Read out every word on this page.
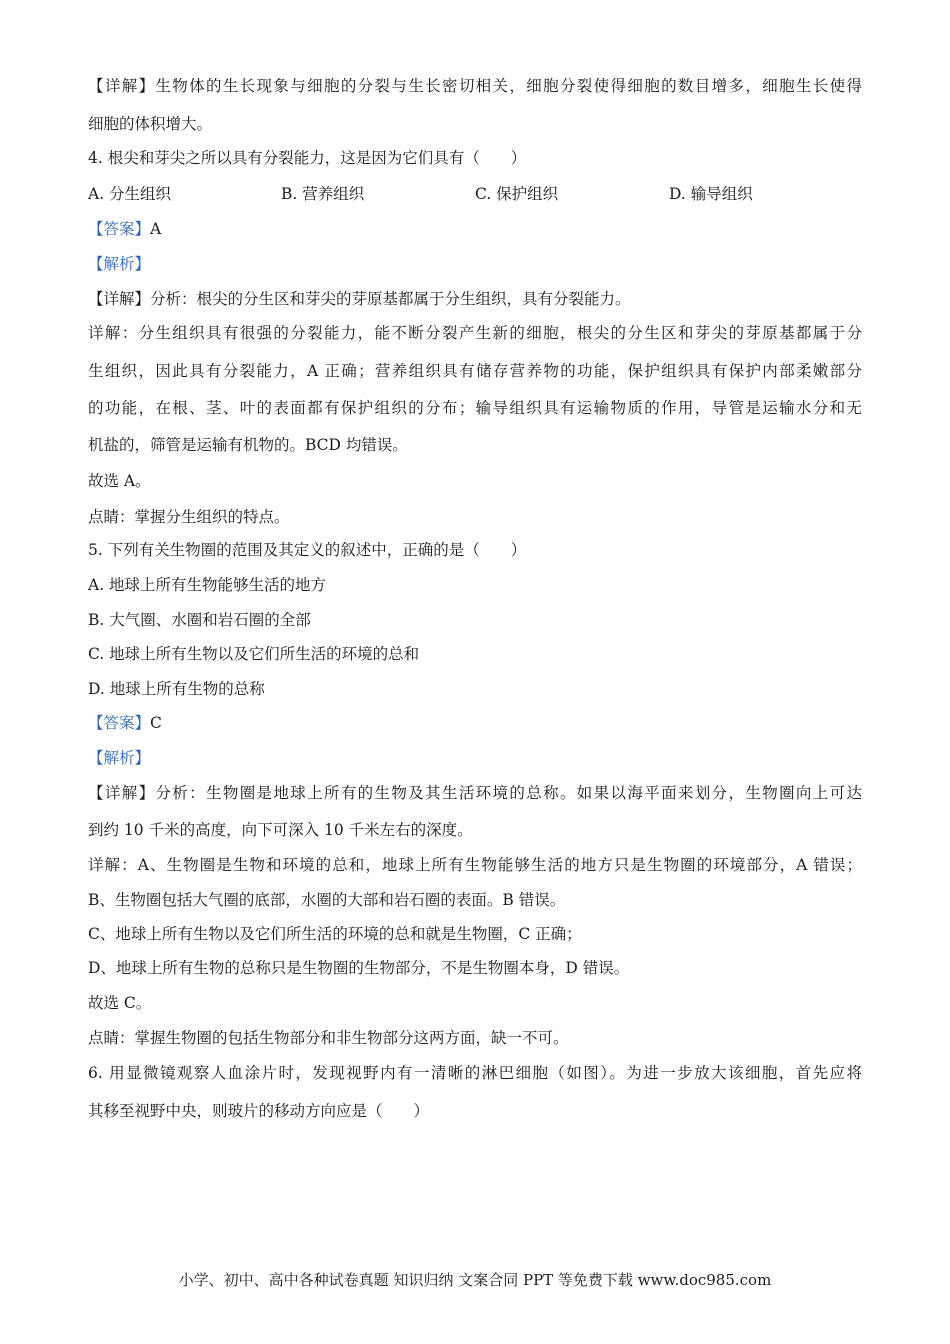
【详解】生物体的生长现象与细胞的分裂与生长密切相关，细胞分裂使得细胞的数目增多，细胞生长使得
细胞的体积增大。
4. 根尖和芽尖之所以具有分裂能力，这是因为它们具有（　　）
A. 分生组织	B. 营养组织	C. 保护组织	D. 输导组织
【答案】A
【解析】
【详解】分析：根尖的分生区和芽尖的芽原基都属于分生组织，具有分裂能力。
详解：分生组织具有很强的分裂能力，能不断分裂产生新的细胞，根尖的分生区和芽尖的芽原基都属于分
生组织，因此具有分裂能力，A 正确；营养组织具有储存营养物的功能，保护组织具有保护内部柔嫩部分
的功能，在根、茎、叶的表面都有保护组织的分布；输导组织具有运输物质的作用，导管是运输水分和无
机盐的，筛管是运输有机物的。BCD 均错误。
故选 A。
点睛：掌握分生组织的特点。
5. 下列有关生物圈的范围及其定义的叙述中，正确的是（　　）
A. 地球上所有生物能够生活的地方
B. 大气圈、水圈和岩石圈的全部
C. 地球上所有生物以及它们所生活的环境的总和
D. 地球上所有生物的总称
【答案】C
【解析】
【详解】分析：生物圈是地球上所有的生物及其生活环境的总称。如果以海平面来划分，生物圈向上可达
到约 10 千米的高度，向下可深入 10 千米左右的深度。
详解：A、生物圈是生物和环境的总和，地球上所有生物能够生活的地方只是生物圈的环境部分，A 错误；
B、生物圈包括大气圈的底部，水圈的大部和岩石圈的表面。B 错误。
C、地球上所有生物以及它们所生活的环境的总和就是生物圈，C 正确；
D、地球上所有生物的总称只是生物圈的生物部分，不是生物圈本身，D 错误。
故选 C。
点睛：掌握生物圈的包括生物部分和非生物部分这两方面，缺一不可。
6. 用显微镜观察人血涂片时，发现视野内有一清晰的淋巴细胞（如图）。为进一步放大该细胞，首先应将
其移至视野中央，则玻片的移动方向应是（　　）
小学、初中、高中各种试卷真题 知识归纳 文案合同 PPT 等免费下载 www.doc985.com
